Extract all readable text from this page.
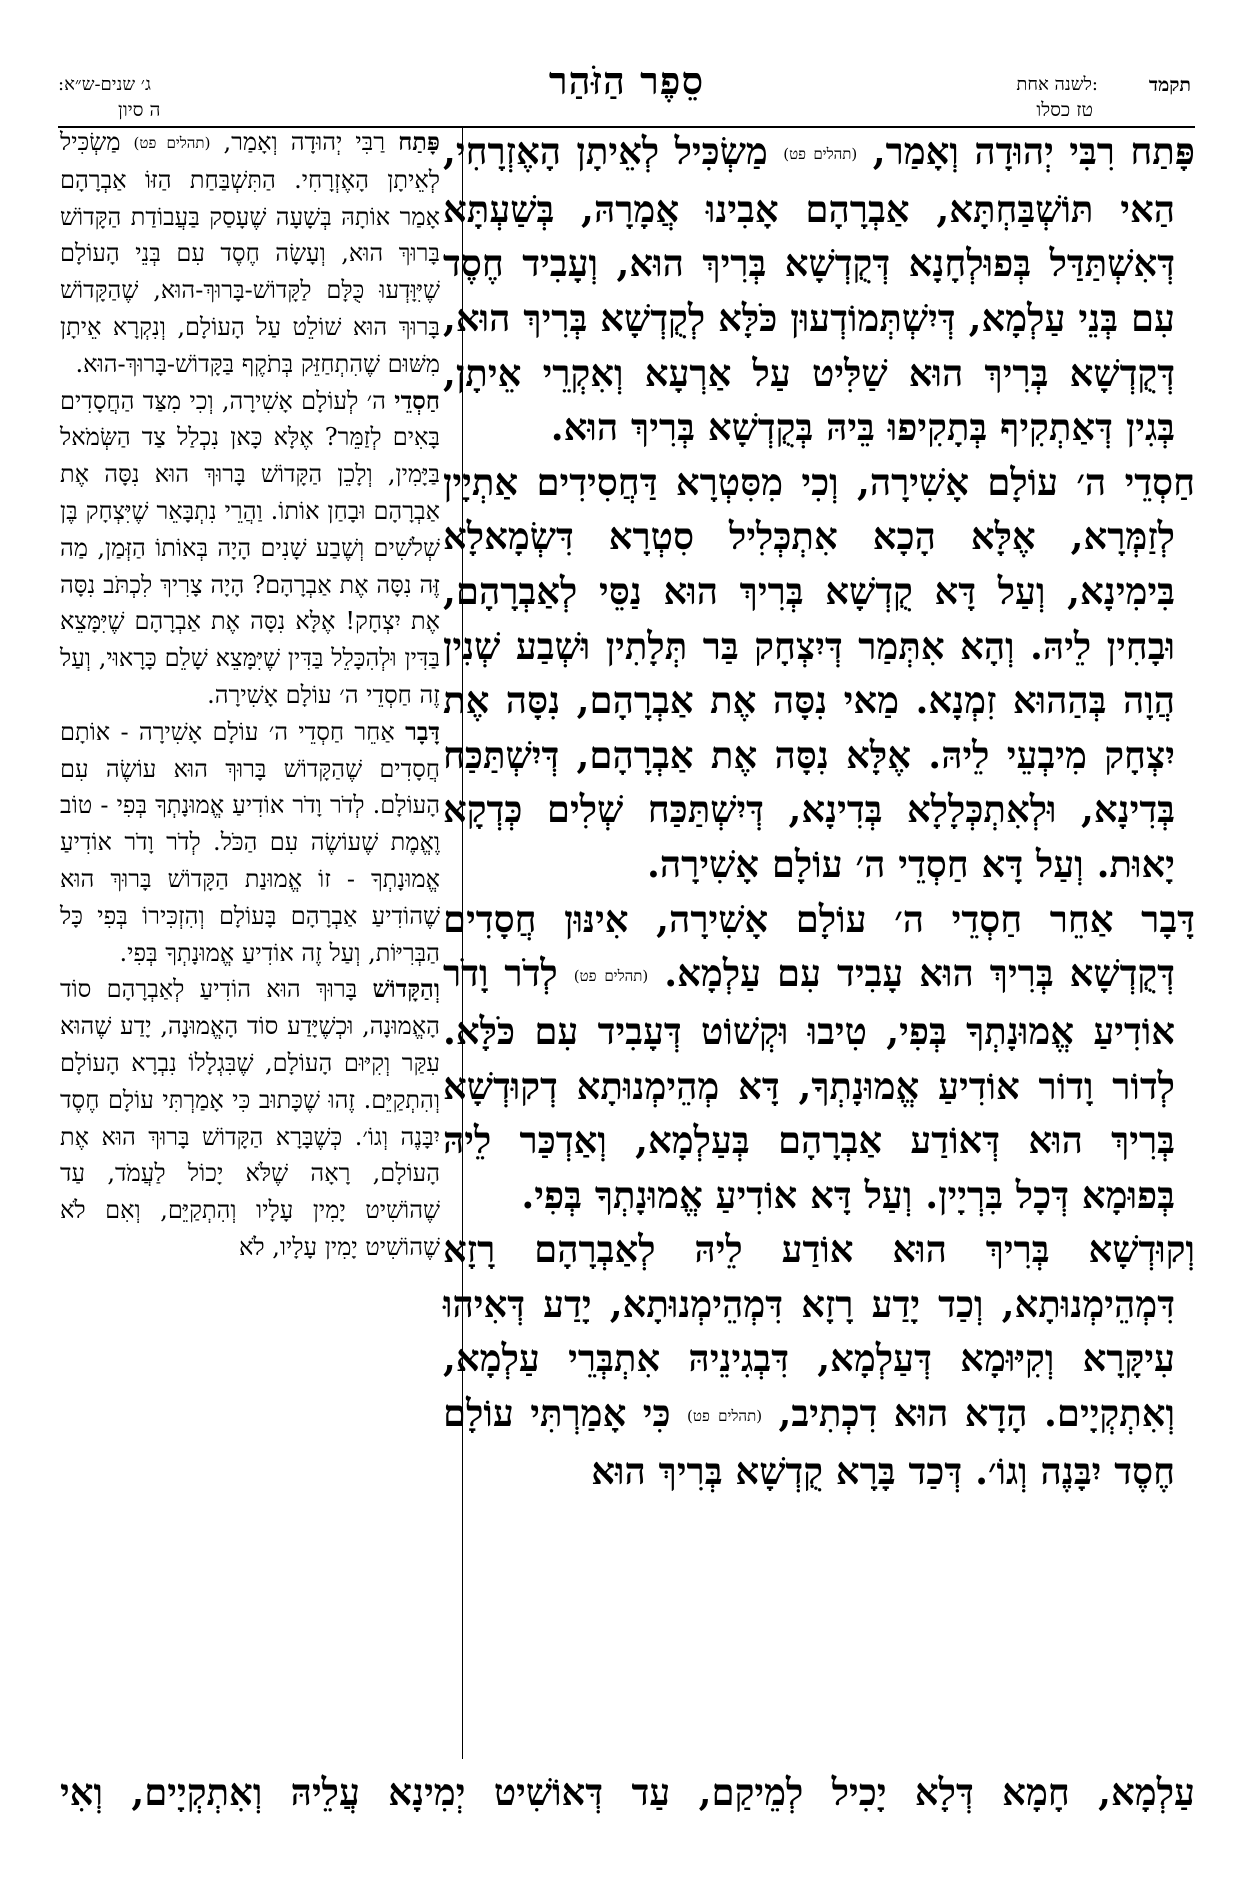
תקמד
לשנה אחת:
טז כסלו
סֵפֶר הַזֹּהַר
ג׳ שנים-ש״א:
ה סיון

פָּתַח רִבִּי יְהוּדָה וְאָמַר, (תהלים פט) מַשְׂכִּיל לְאֵיתָן הָאֶזְרָחִי, הַאי תּוֹשְׁבַּחְתָּא, אַבְרָהָם אָבִינוּ אֲמָרָהּ, בְּשַׁעְתָּא דְּאִשְׁתַּדַּל בְּפוּלְחָנָא דְּקֻדְשָׁא בְּרִיךְ הוּא, וְעָבִיד חֶסֶד עִם בְּנֵי עַלְמָא, דְּיִשְׁתְּמוֹדְעוּן כֹּלָּא לְקֻדְשָׁא בְּרִיךְ הוּא, דְּקֻדְשָׁא בְּרִיךְ הוּא שַׁלִּיט עַל אַרְעָא וְאִקְרֵי אֵיתָן, בְּגִין דְּאַתְקִיף בְּתָקִיפוּ בֵּיהּ בְּקֻדְשָׁא בְּרִיךְ הוּא.

חַסְדֵי ה׳ עוֹלָם אָשִׁירָה, וְכִי מִסִּטְרָא דַּחֲסִידִים אַתְיָין לְזַמְּרָא, אֶלָּא הָכָא אִתְכְּלִיל סִטְרָא דִּשְׂמָאלָא בִּימִינָא, וְעַל דָּא קֻדְשָׁא בְּרִיךְ הוּא נַסֵּי לְאַבְרָהָם, וּבָחִין לֵיהּ. וְהָא אִתְּמַר דְּיִצְחָק בַּר תְּלָתִין וּשְׁבַע שְׁנִין הֲוָה בְּהַהוּא זִמְנָא. מַאי נִסָּה אֶת אַבְרָהָם, נִסָּה אֶת יִצְחָק מִיבְעֵי לֵיהּ. אֶלָּא נִסָּה אֶת אַבְרָהָם, דְּיִשְׁתַּכַּח בְּדִינָא, וּלְאִתְכְּלָלָא בְּדִינָא, דְּיִשְׁתַּכַּח שְׁלִים כְּדְקָא יָאוּת. וְעַל דָּא חַסְדֵי ה׳ עוֹלָם אָשִׁירָה.

דָּבָר אַחֵר חַסְדֵי ה׳ עוֹלָם אָשִׁירָה, אִינּוּן חֲסָדִים דְּקֻדְשָׁא בְּרִיךְ הוּא עָבִיד עִם עַלְמָא. (תהלים פט) לְדֹר וָדֹר אוֹדִיעַ אֱמוּנָתְךָ בְּפִי, טִיבוּ וּקְשׁוֹט דְּעָבִיד עִם כֹּלָּא. לְדוֹר וָדוֹר אוֹדִיעַ אֱמוּנָתְךָ, דָּא מְהֵימְנוּתָא דְקוּדְשָׁא בְּרִיךְ הוּא דְּאוֹדַע אַבְרָהָם בְּעַלְמָא, וְאַדְכַּר לֵיהּ בְּפוּמָא דְּכָל בִּרְיָין. וְעַל דָּא אוֹדִיעַ אֱמוּנָתְךָ בְּפִי.

וְקוּדְשָׁא בְּרִיךְ הוּא אוֹדַע לֵיהּ לְאַבְרָהָם רָזָא דִּמְהֵימְנוּתָא, וְכַד יָדַע רָזָא דִּמְהֵימְנוּתָא, יָדַע דְּאִיהוּ עִיקָּרָא וְקִיּוּמָא דְּעַלְמָא, דִּבְגִינֵיהּ אִתְבְּרֵי עַלְמָא, וְאִתְקְיָים. הָדָא הוּא דִכְתִיב, (תהלים פט) כִּי אָמַרְתִּי עוֹלָם חֶסֶד יִבָּנֶה וְגוֹ׳. דְּכַד בָּרָא קֻדְשָׁא בְּרִיךְ הוּא

פָּתַח רַבִּי יְהוּדָה וְאָמַר, (תהלים פט) מַשְׂכִּיל לְאֵיתָן הָאֶזְרָחִי. הַתִּשְׁבַּחַת הַזּוֹ אַבְרָהָם אָמַר אוֹתָהּ בְּשָׁעָה שֶׁעָסַק בַּעֲבוֹדַת הַקָּדוֹשׁ בָּרוּךְ הוּא, וְעָשָׂה חֶסֶד עִם בְּנֵי הָעוֹלָם שֶׁיִּוָּדְעוּ כֻּלָּם לַקָּדוֹשׁ-בָּרוּךְ-הוּא, שֶׁהַקָּדוֹשׁ בָּרוּךְ הוּא שׁוֹלֵט עַל הָעוֹלָם, וְנִקְרָא אֵיתָן מִשּׁוּם שֶׁהִתְחַזֵּק בְּתֹקֶף בַּקָּדוֹשׁ-בָּרוּךְ-הוּא.

חַסְדֵי ה׳ לְעוֹלָם אָשִׁירָה, וְכִי מִצַּד הַחֲסָדִים בָּאִים לְזַמֵּר? אֶלָּא כָּאן נִכְלַל צַד הַשְּׂמֹאל בַּיָּמִין, וְלָכֵן הַקָּדוֹשׁ בָּרוּךְ הוּא נִסָּה אֶת אַבְרָהָם וּבָחַן אוֹתוֹ. וַהֲרֵי נִתְבָּאֵר שֶׁיִּצְחָק בֶּן שְׁלֹשִׁים וְשֶׁבַע שָׁנִים הָיָה בְּאוֹתוֹ הַזְּמַן, מַה זֶּה נִסָּה אֶת אַבְרָהָם? הָיָה צָרִיךְ לִכְתֹּב נִסָּה אֶת יִצְחָק! אֶלָּא נִסָּה אֶת אַבְרָהָם שֶׁיִּמָּצֵא בַּדִּין וּלְהִכָּלֵל בַּדִּין שֶׁיִּמָּצֵא שָׁלֵם כָּרָאוּי, וְעַל זֶה חַסְדֵי ה׳ עוֹלָם אָשִׁירָה.

דָּבָר אַחֵר חַסְדֵי ה׳ עוֹלָם אָשִׁירָה - אוֹתָם חֲסָדִים שֶׁהַקָּדוֹשׁ בָּרוּךְ הוּא עוֹשֶׂה עִם הָעוֹלָם. לְדֹר וָדֹר אוֹדִיעַ אֱמוּנָתְךָ בְּפִי - טוֹב וֶאֱמֶת שֶׁעוֹשֶׂה עִם הַכֹּל. לְדֹר וָדֹר אוֹדִיעַ אֱמוּנָתְךָ - זוֹ אֱמוּנַת הַקָּדוֹשׁ בָּרוּךְ הוּא שֶׁהוֹדִיעַ אַבְרָהָם בָּעוֹלָם וְהִזְכִּירוֹ בְּפִי כָּל הַבְּרִיּוֹת, וְעַל זֶה אוֹדִיעַ אֱמוּנָתְךָ בְּפִי.

וְהַקָּדוֹשׁ בָּרוּךְ הוּא הוֹדִיעַ לְאַבְרָהָם סוֹד הָאֱמוּנָה, וּכְשֶׁיָּדַע סוֹד הָאֱמוּנָה, יָדַע שֶׁהוּא עִקַּר וְקִיּוּם הָעוֹלָם, שֶׁבִּגְלָלוֹ נִבְרָא הָעוֹלָם וְהִתְקַיֵּם. זֶהוּ שֶׁכָּתוּב כִּי אָמַרְתִּי עוֹלָם חֶסֶד יִבָּנֶה וְגוֹ׳. כְּשֶׁבָּרָא הַקָּדוֹשׁ בָּרוּךְ הוּא אֶת הָעוֹלָם, רָאָה שֶׁלֹּא יָכוֹל לַעֲמֹד, עַד שֶׁהוֹשִׁיט יָמִין עָלָיו וְהִתְקַיֵּם, וְאִם לֹא שֶׁהוֹשִׁיט יָמִין עָלָיו, לֹא

עַלְמָא, חָמָא דְּלָא יָכִיל לְמֵיקַם, עַד דְּאוֹשִׁיט יְמִינָא עֲלֵיהּ וְאִתְקְיָים, וְאִי
